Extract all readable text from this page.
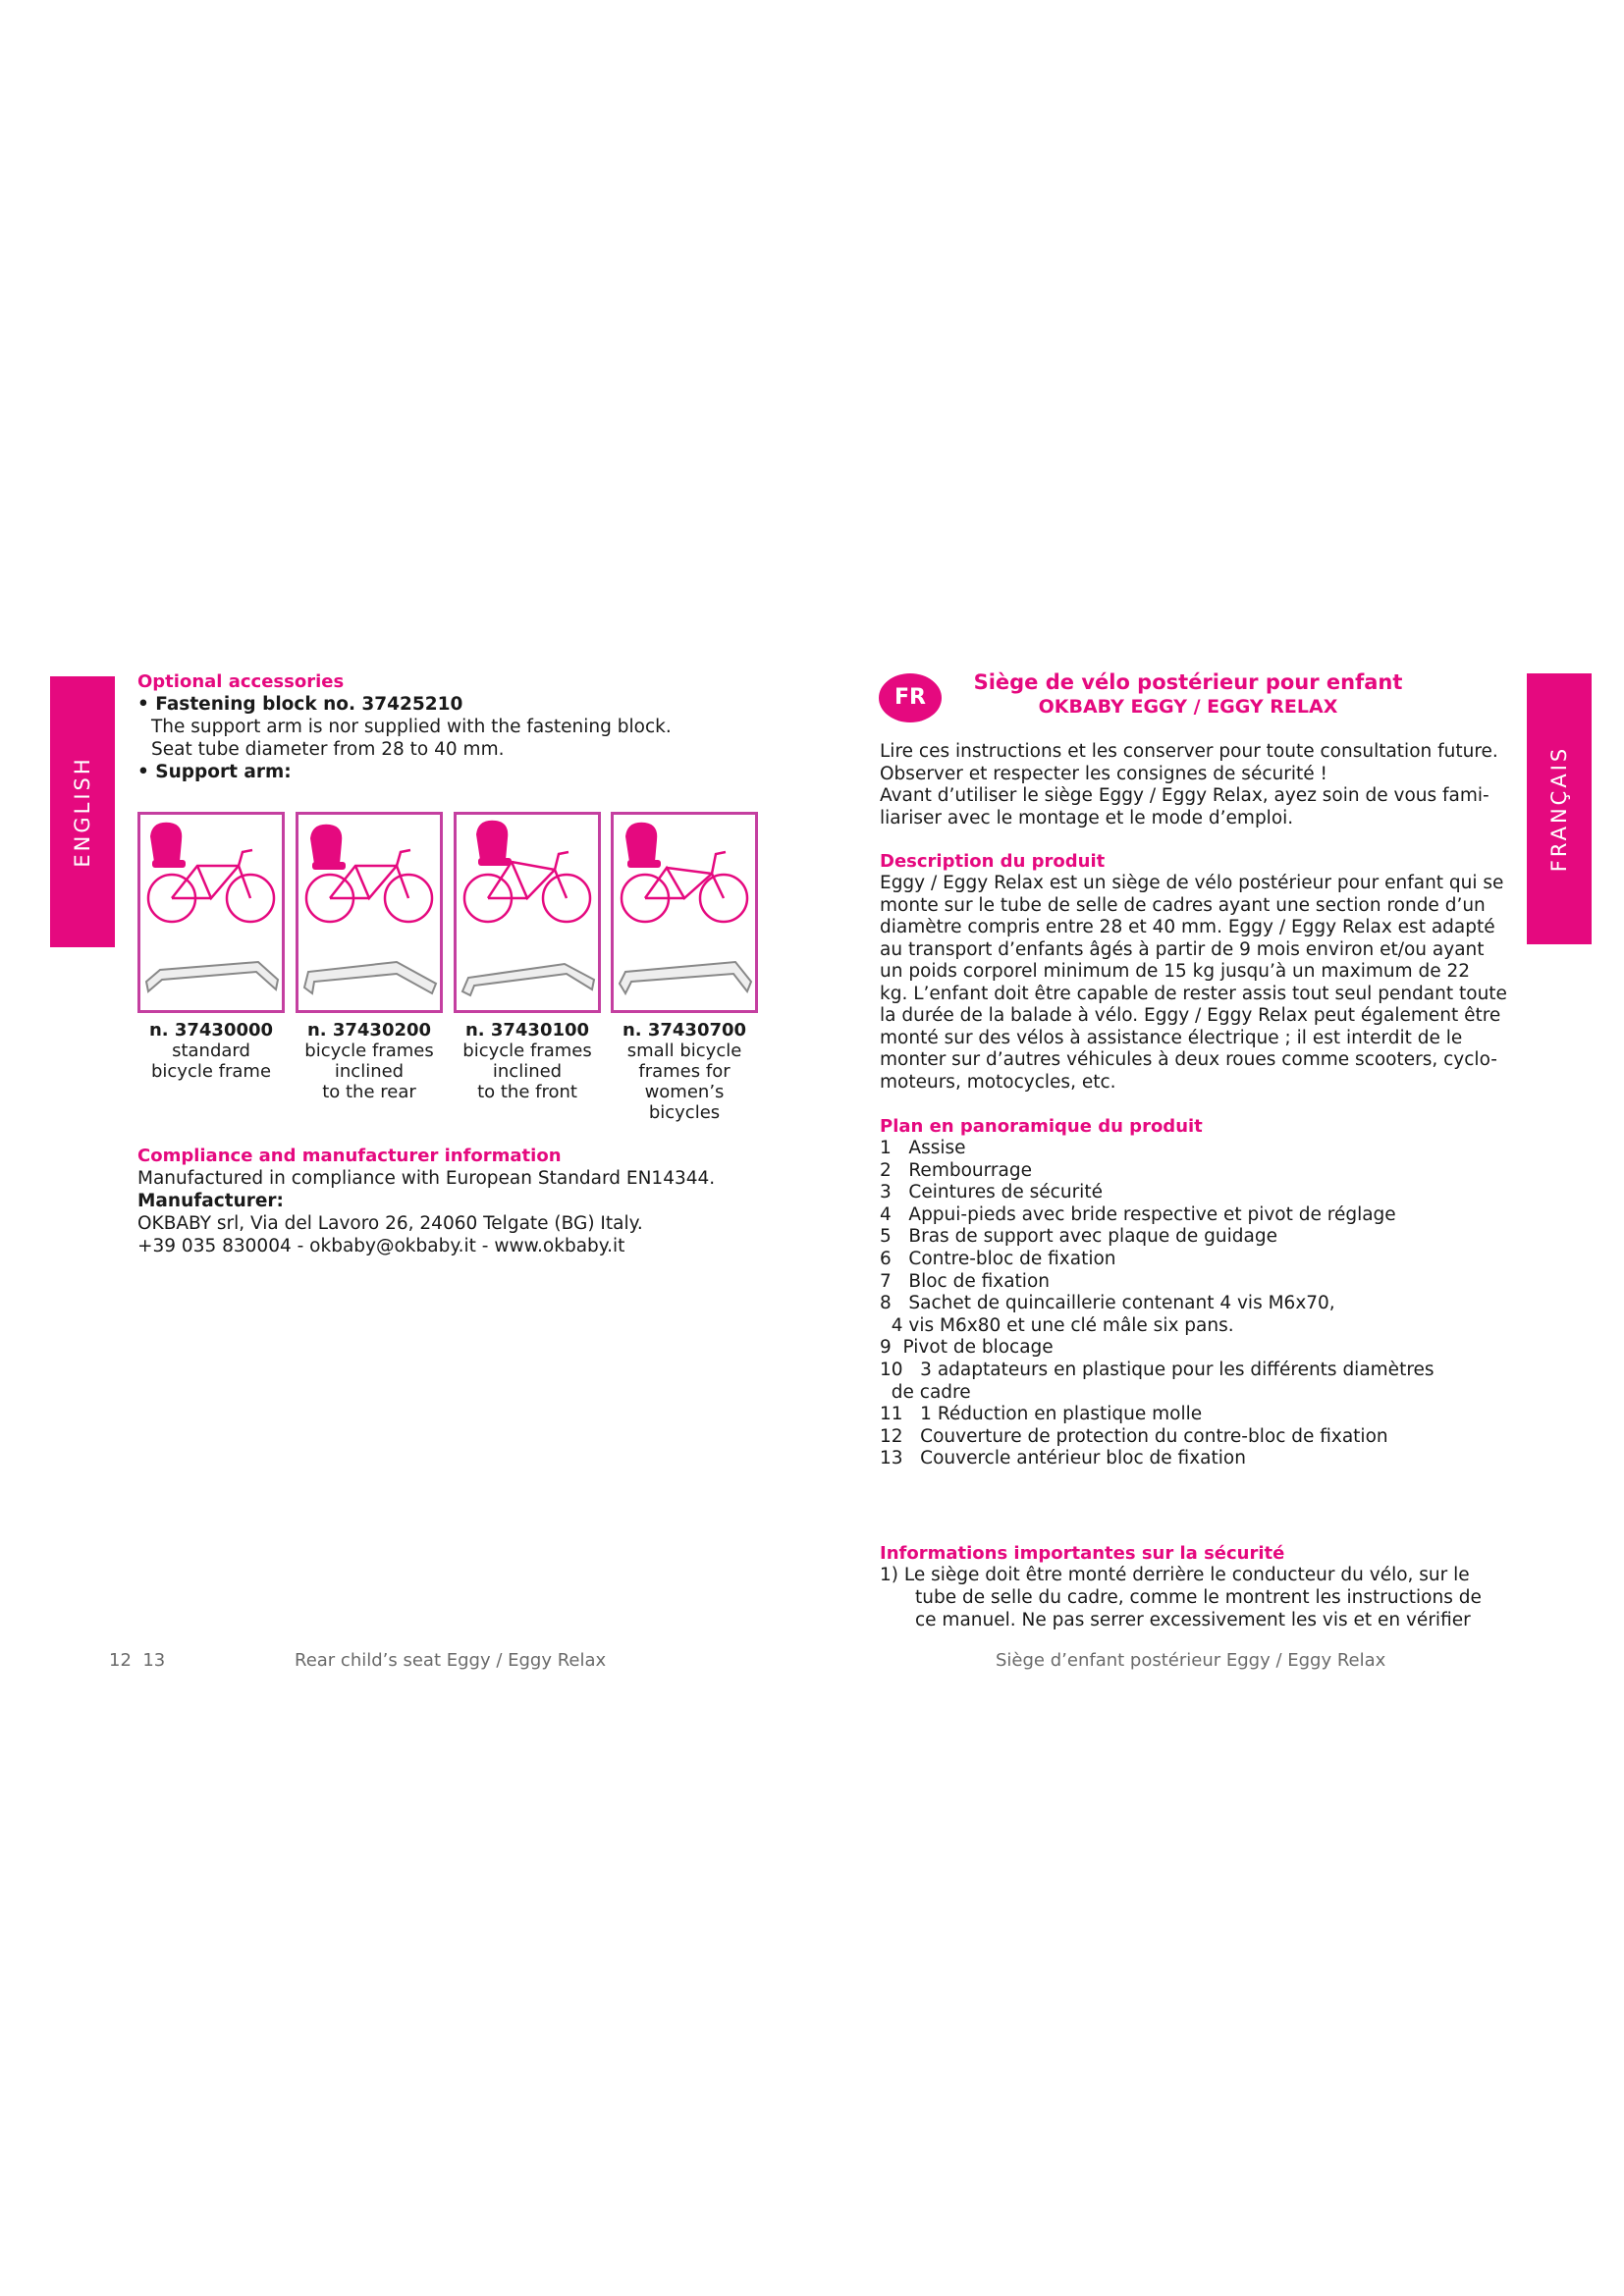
ENGLISH
Optional accessories
• Fastening block no. 37425210
The support arm is nor supplied with the fastening block.
Seat tube diameter from 28 to 40 mm.
• Support arm:
n. 37430000
standard
bicycle frame
n. 37430200
bicycle frames
inclined
to the rear
n. 37430100
bicycle frames
inclined
to the front
n. 37430700
small bicycle
frames for
women’s
bicycles
Compliance and manufacturer information
Manufactured in compliance with European Standard EN14344.
Manufacturer:
OKBABY srl, Via del Lavoro 26, 24060 Telgate (BG) Italy.
+39 035 830004 - okbaby@okbaby.it - www.okbaby.it
12  13	Rear child’s seat Eggy / Eggy Relax
FRANÇAIS
FR
Siège de vélo postérieur pour enfant
OKBABY EGGY / EGGY RELAX
Lire ces instructions et les conserver pour toute consultation future.
Observer et respecter les consignes de sécurité !
Avant d’utiliser le siège Eggy / Eggy Relax, ayez soin de vous fami-
liariser avec le montage et le mode d’emploi.
Description du produit
Eggy / Eggy Relax est un siège de vélo postérieur pour enfant qui se
monte sur le tube de selle de cadres ayant une section ronde d’un
diamètre compris entre 28 et 40 mm. Eggy / Eggy Relax est adapté
au transport d’enfants âgés à partir de 9 mois environ et/ou ayant
un poids corporel minimum de 15 kg jusqu’à un maximum de 22
kg. L’enfant doit être capable de rester assis tout seul pendant toute
la durée de la balade à vélo. Eggy / Eggy Relax peut également être
monté sur des vélos à assistance électrique ; il est interdit de le
monter sur d’autres véhicules à deux roues comme scooters, cyclo-
moteurs, motocycles, etc.
Plan en panoramique du produit
1   Assise
2   Rembourrage
3   Ceintures de sécurité
4   Appui-pieds avec bride respective et pivot de réglage
5   Bras de support avec plaque de guidage
6   Contre-bloc de fixation
7   Bloc de fixation
8   Sachet de quincaillerie contenant 4 vis M6x70,
4 vis M6x80 et une clé mâle six pans.
9  Pivot de blocage
10   3 adaptateurs en plastique pour les différents diamètres
de cadre
11   1 Réduction en plastique molle
12   Couverture de protection du contre-bloc de fixation
13   Couvercle antérieur bloc de fixation
Informations importantes sur la sécurité
1) Le siège doit être monté derrière le conducteur du vélo, sur le
tube de selle du cadre, comme le montrent les instructions de
ce manuel. Ne pas serrer excessivement les vis et en vérifier
Siège d’enfant postérieur Eggy / Eggy Relax
